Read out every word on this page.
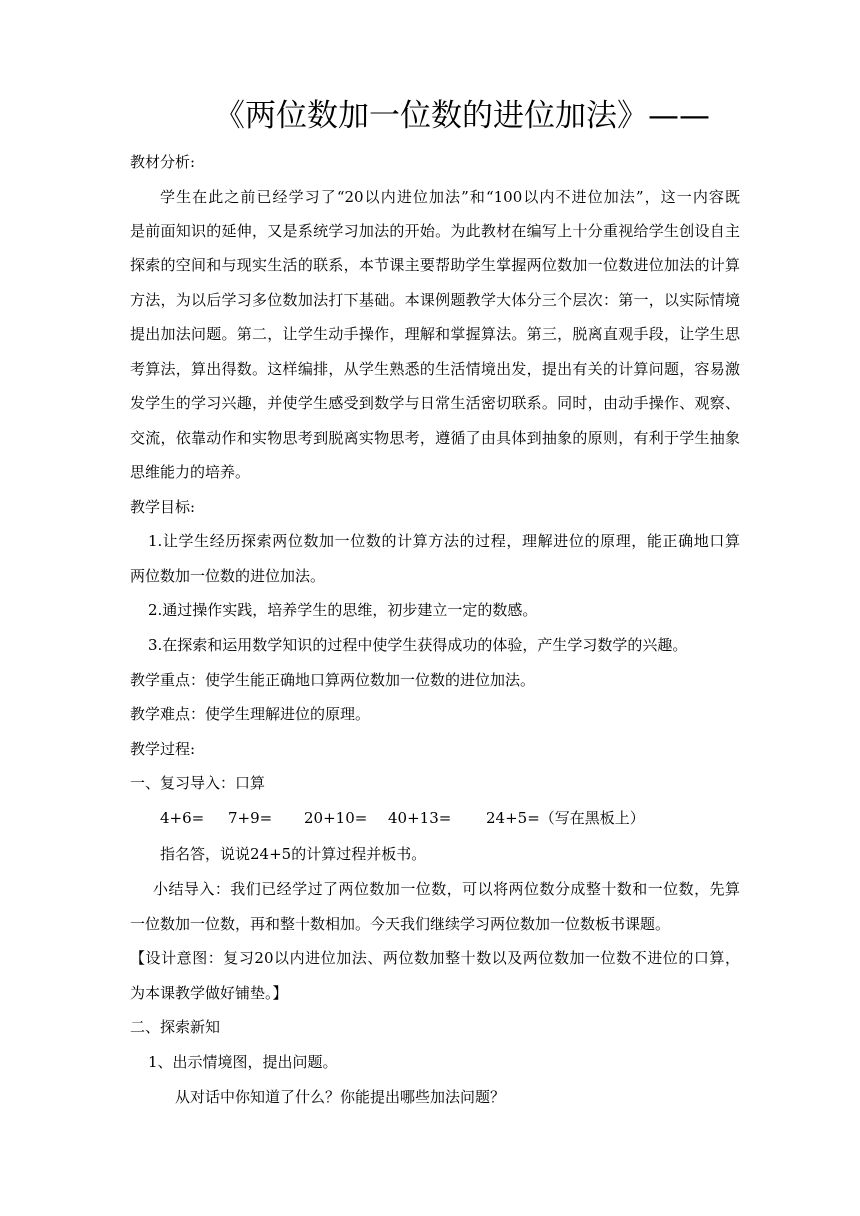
《两位数加一位数的进位加法》——

教材分析:

学生在此之前已经学习了“20以内进位加法”和“100以内不进位加法”，这一内容既

是前面知识的延伸，又是系统学习加法的开始。为此教材在编写上十分重视给学生创设自主

探索的空间和与现实生活的联系，本节课主要帮助学生掌握两位数加一位数进位加法的计算

方法，为以后学习多位数加法打下基础。本课例题教学大体分三个层次：第一，以实际情境

提出加法问题。第二，让学生动手操作，理解和掌握算法。第三，脱离直观手段，让学生思

考算法，算出得数。这样编排，从学生熟悉的生活情境出发，提出有关的计算问题，容易激

发学生的学习兴趣，并使学生感受到数学与日常生活密切联系。同时，由动手操作、观察、

交流，依靠动作和实物思考到脱离实物思考，遵循了由具体到抽象的原则，有利于学生抽象

思维能力的培养。

教学目标:

1.让学生经历探索两位数加一位数的计算方法的过程，理解进位的原理，能正确地口算

两位数加一位数的进位加法。

2.通过操作实践，培养学生的思维，初步建立一定的数感。

3.在探索和运用数学知识的过程中使学生获得成功的体验，产生学习数学的兴趣。

教学重点：使学生能正确地口算两位数加一位数的进位加法。

教学难点：使学生理解进位的原理。

教学过程:

一、复习导入：口算

4+6= 7+9= 20+10= 40+13= 24+5=（写在黑板上）

指名答，说说24+5的计算过程并板书。

小结导入：我们已经学过了两位数加一位数，可以将两位数分成整十数和一位数，先算

一位数加一位数，再和整十数相加。今天我们继续学习两位数加一位数板书课题。

【设计意图：复习20以内进位加法、两位数加整十数以及两位数加一位数不进位的口算，

为本课教学做好铺垫。】

二、探索新知

1、出示情境图，提出问题。

从对话中你知道了什么？你能提出哪些加法问题？
